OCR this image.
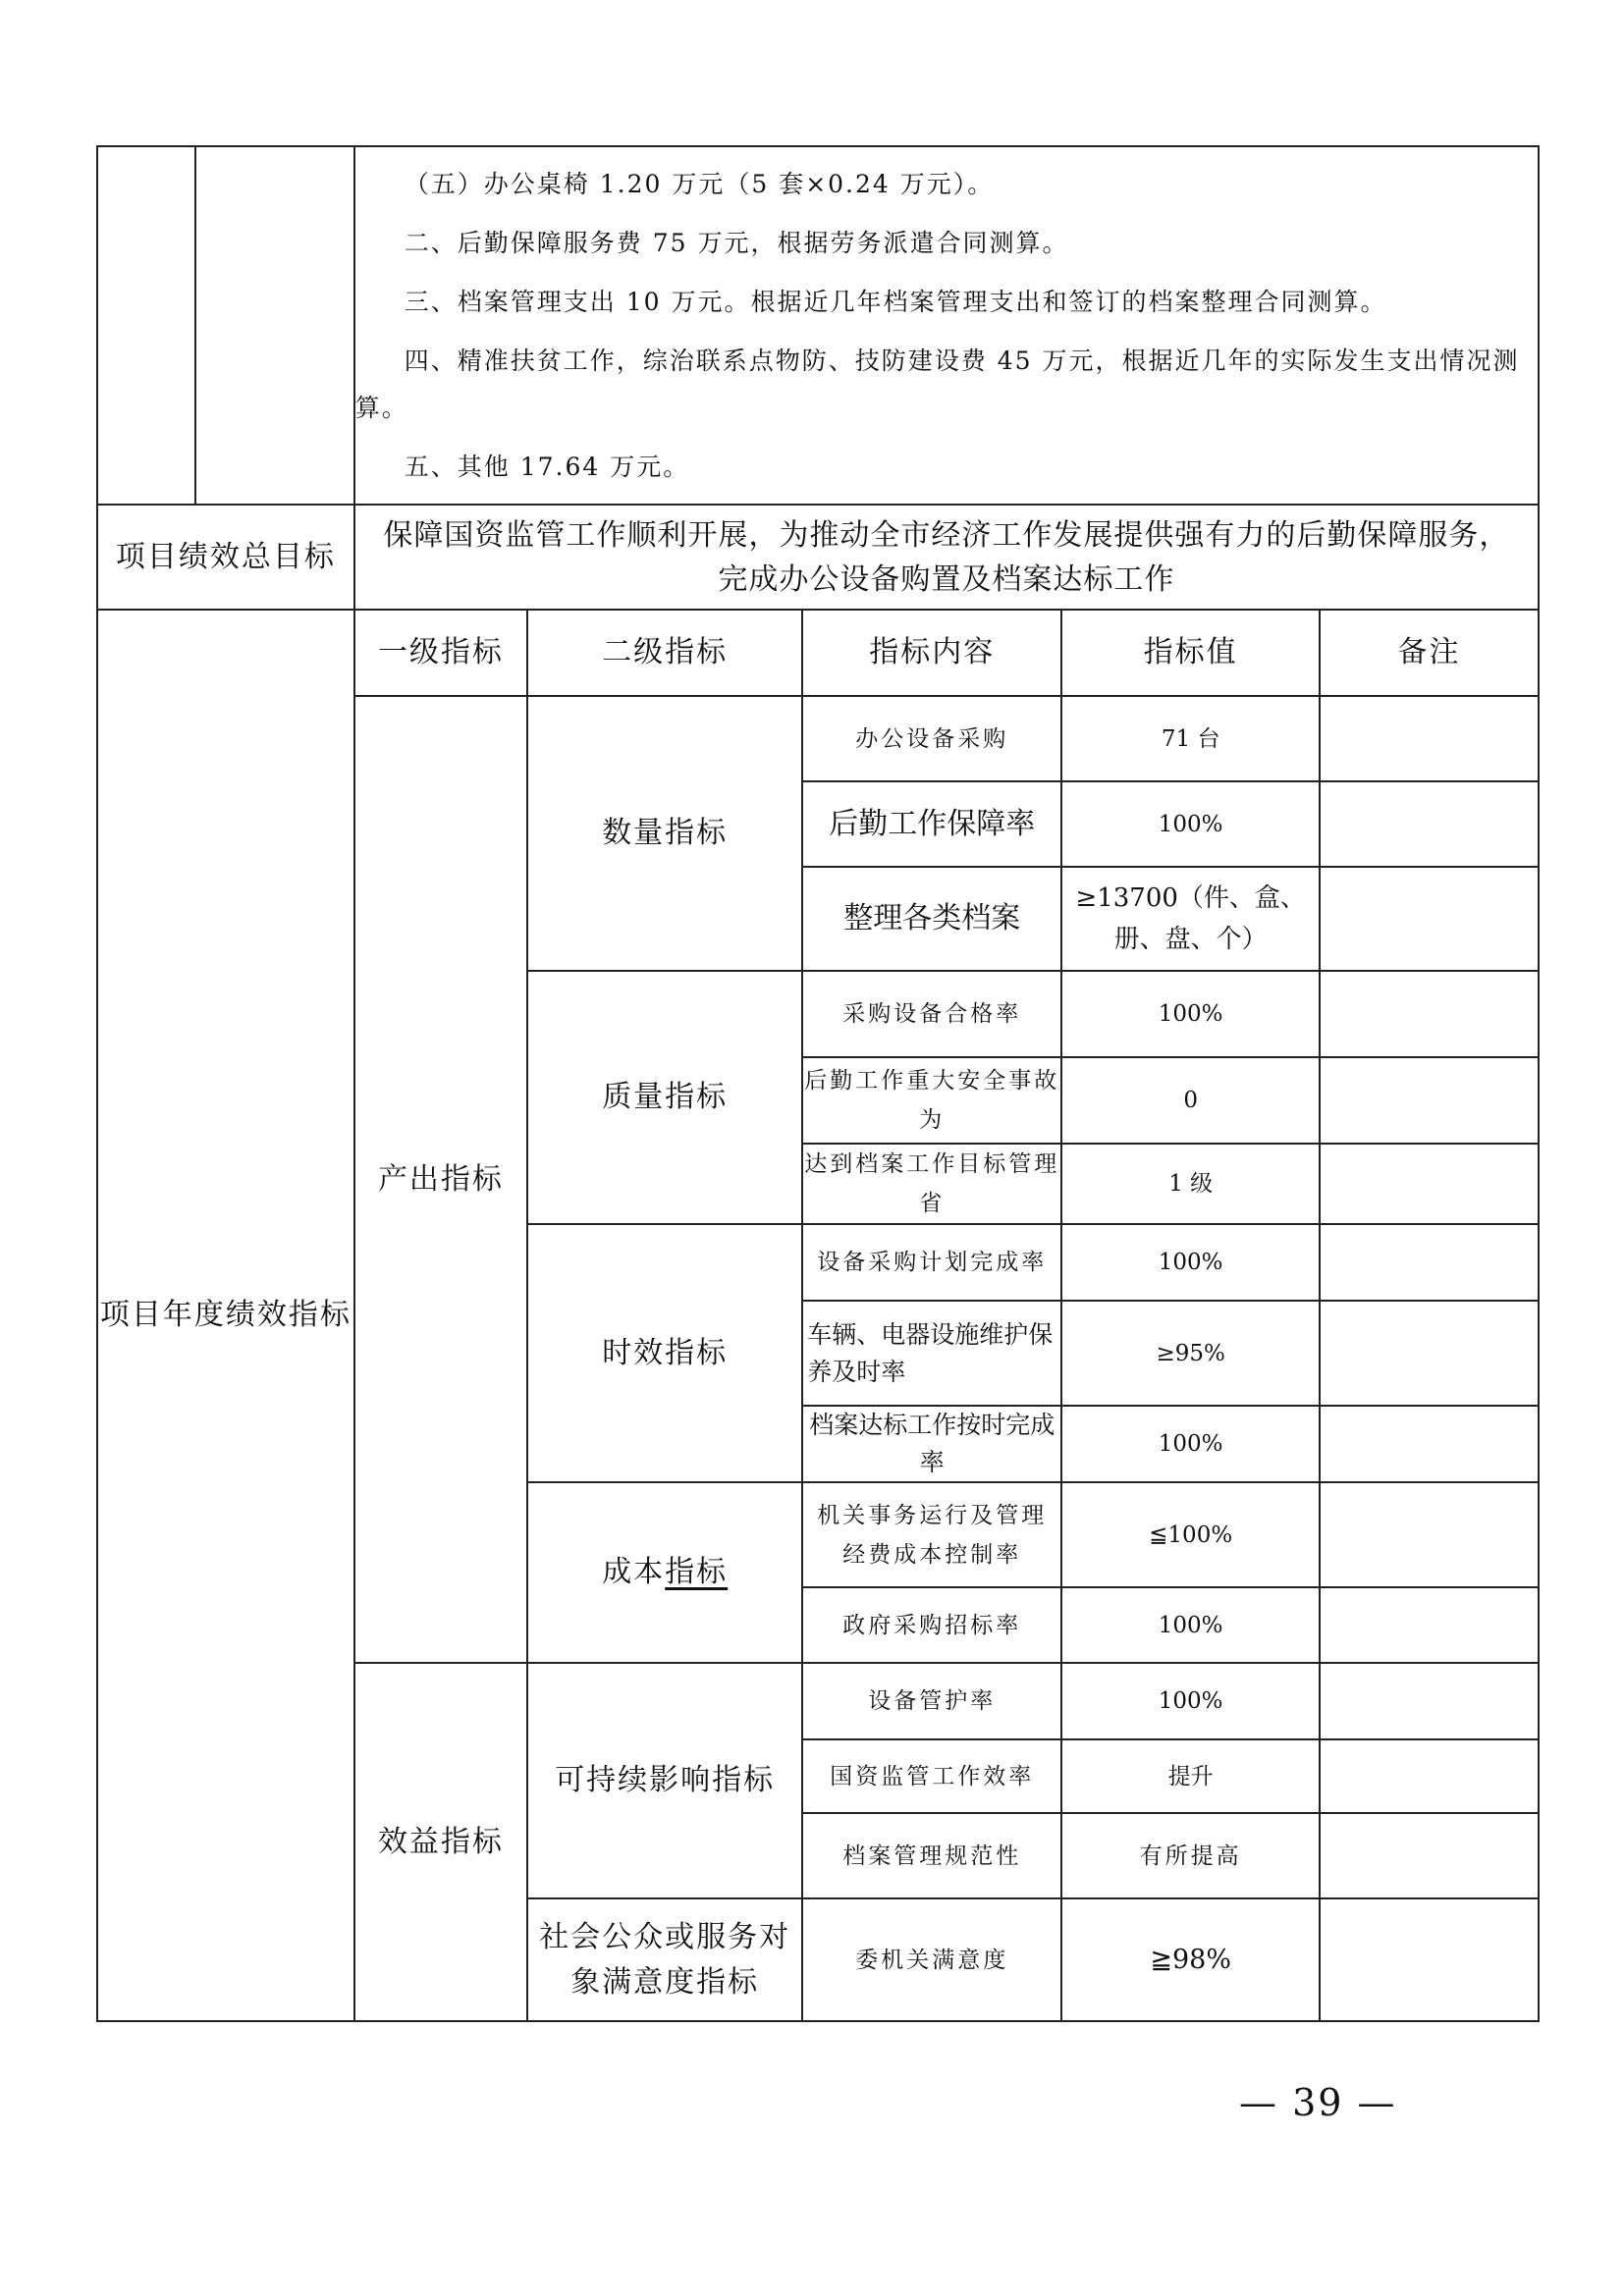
		（五）办公桌椅 1.20 万元（5 套×0.24 万元）。

二、后勤保障服务费 75 万元，根据劳务派遣合同测算。

三、档案管理支出 10 万元。根据近几年档案管理支出和签订的档案整理合同测算。

四、精准扶贫工作，综治联系点物防、技防建设费 45 万元，根据近几年的实际发生支出情况测算。

五、其他 17.64 万元。				

项目绩效总目标		保障国资监管工作顺利开展，为推动全市经济工作发展提供强有力的后勤保障服务，
完成办公设备购置及档案达标工作				

项目年度绩效指标		一级指标	二级指标	指标内容	指标值	备注
		产出指标	数量指标	办公设备采购	71 台	
				后勤工作保障率	100%	
				整理各类档案	≥13700（件、盒、册、盘、个）	
			质量指标	采购设备合格率	100%	
				后勤工作重大安全事故为	0	
				达到档案工作目标管理省	1 级	
			时效指标	设备采购计划完成率	100%	
				车辆、电器设施维护保养及时率	≥95%	
				档案达标工作按时完成率	100%	
			成本指标	机关事务运行及管理经费成本控制率	≦100%	
				政府采购招标率	100%	
		效益指标	可持续影响指标	设备管护率	100%	
				国资监管工作效率	提升	
				档案管理规范性	有所提高	
			社会公众或服务对象满意度指标	委机关满意度	≧98%	
— 39 —
